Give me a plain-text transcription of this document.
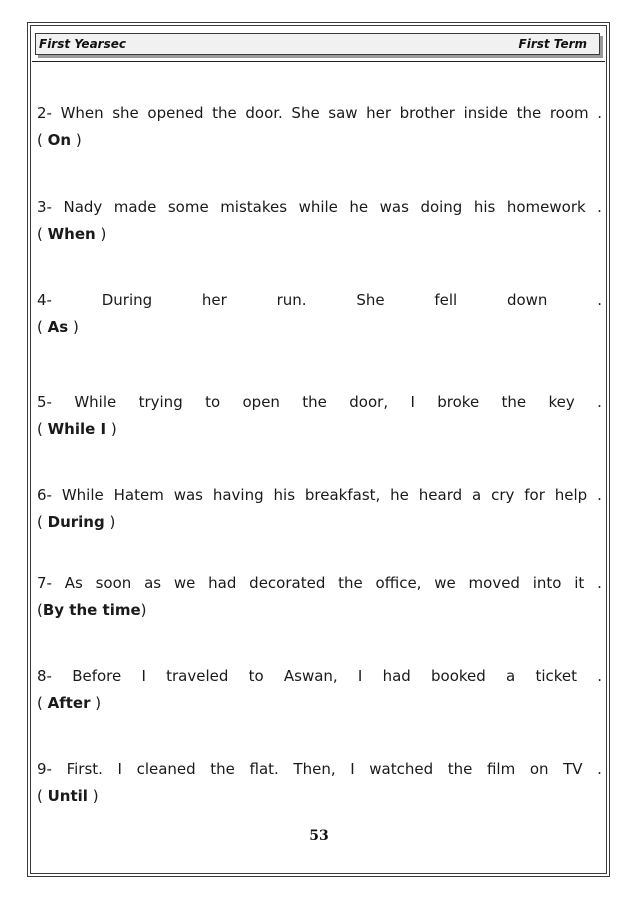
First Yearsec	First Term
2- When she opened the door. She saw her brother inside the room .
( On )
3- Nady made some mistakes while he was doing his homework .
( When )
4-	During	her	run.	She	fell	down	.
( As )
5- While trying to open the door, I broke the key .
( While I )
6- While Hatem was having his breakfast, he heard a cry for help .
( During )
7- As soon as we had decorated the office, we moved into it .
(By the time)
8- Before I traveled to Aswan, I had booked a ticket .
( After )
9- First. I cleaned the flat. Then, I watched the film on TV .
( Until )
53
